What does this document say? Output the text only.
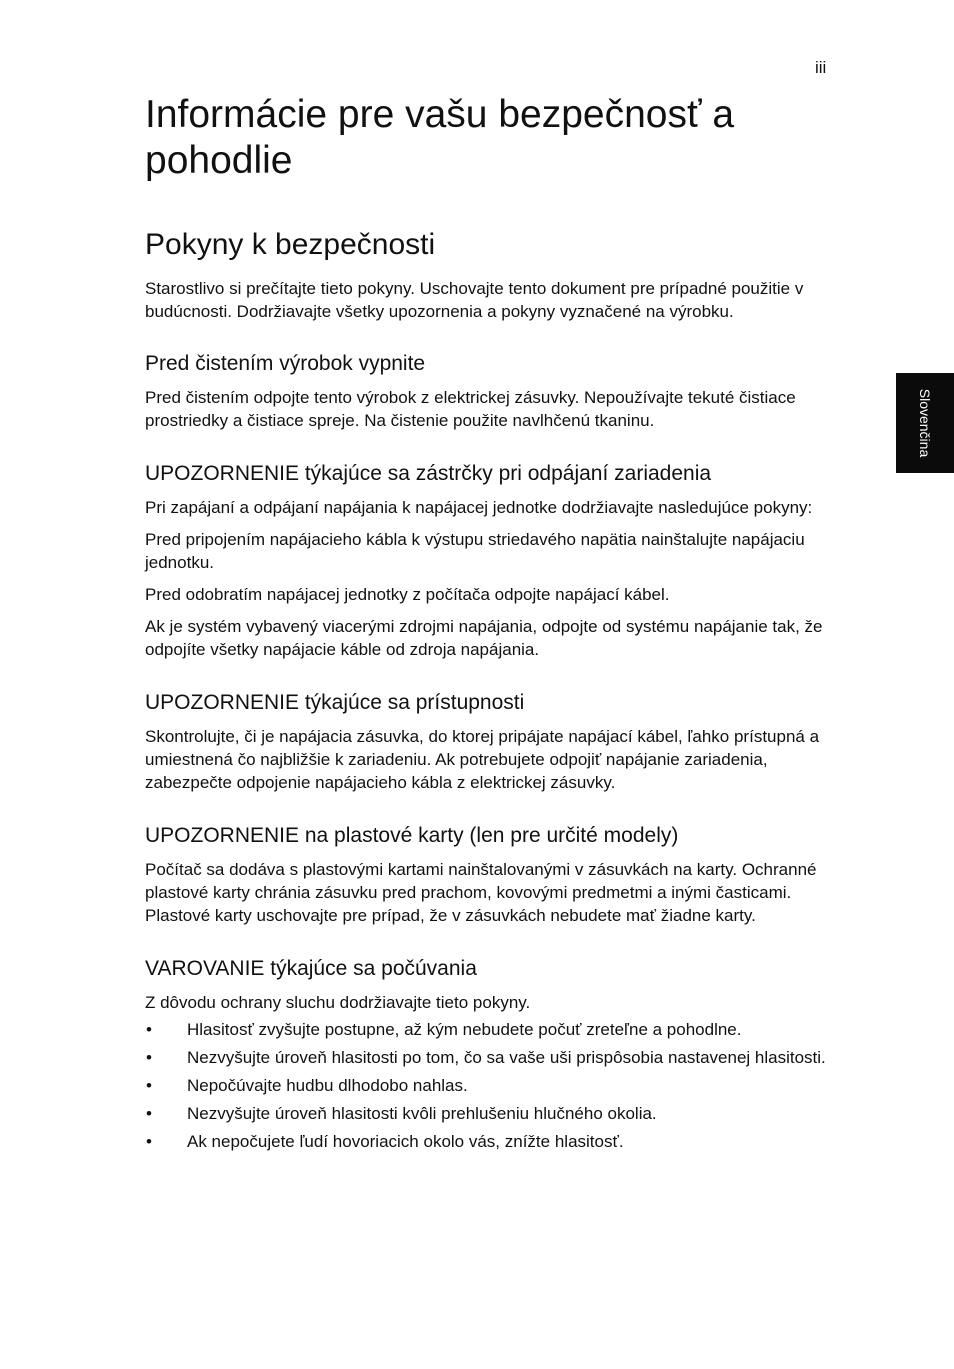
iii
Slovenčina
Informácie pre vašu bezpečnosť a pohodlie
Pokyny k bezpečnosti

Starostlivo si prečítajte tieto pokyny. Uschovajte tento dokument pre prípadné použitie v budúcnosti. Dodržiavajte všetky upozornenia a pokyny vyznačené na výrobku.

Pred čistením výrobok vypnite

Pred čistením odpojte tento výrobok z elektrickej zásuvky. Nepoužívajte tekuté čistiace prostriedky a čistiace spreje. Na čistenie použite navlhčenú tkaninu.

UPOZORNENIE týkajúce sa zástrčky pri odpájaní zariadenia

Pri zapájaní a odpájaní napájania k napájacej jednotke dodržiavajte nasledujúce pokyny:

Pred pripojením napájacieho kábla k výstupu striedavého napätia nainštalujte napájaciu jednotku.

Pred odobratím napájacej jednotky z počítača odpojte napájací kábel.

Ak je systém vybavený viacerými zdrojmi napájania, odpojte od systému napájanie tak, že odpojíte všetky napájacie káble od zdroja napájania.

UPOZORNENIE týkajúce sa prístupnosti

Skontrolujte, či je napájacia zásuvka, do ktorej pripájate napájací kábel, ľahko prístupná a umiestnená čo najbližšie k zariadeniu. Ak potrebujete odpojiť napájanie zariadenia, zabezpečte odpojenie napájacieho kábla z elektrickej zásuvky.

UPOZORNENIE na plastové karty (len pre určité modely)

Počítač sa dodáva s plastovými kartami nainštalovanými v zásuvkách na karty. Ochranné plastové karty chránia zásuvku pred prachom, kovovými predmetmi a inými časticami. Plastové karty uschovajte pre prípad, že v zásuvkách nebudete mať žiadne karty.

VAROVANIE týkajúce sa počúvania

Z dôvodu ochrany sluchu dodržiavajte tieto pokyny.

• Hlasitosť zvyšujte postupne, až kým nebudete počuť zreteľne a pohodlne.
• Nezvyšujte úroveň hlasitosti po tom, čo sa vaše uši prispôsobia nastavenej hlasitosti.
• Nepočúvajte hudbu dlhodobo nahlas.
• Nezvyšujte úroveň hlasitosti kvôli prehlušeniu hlučného okolia.
• Ak nepočujete ľudí hovoriacich okolo vás, znížte hlasitosť.
